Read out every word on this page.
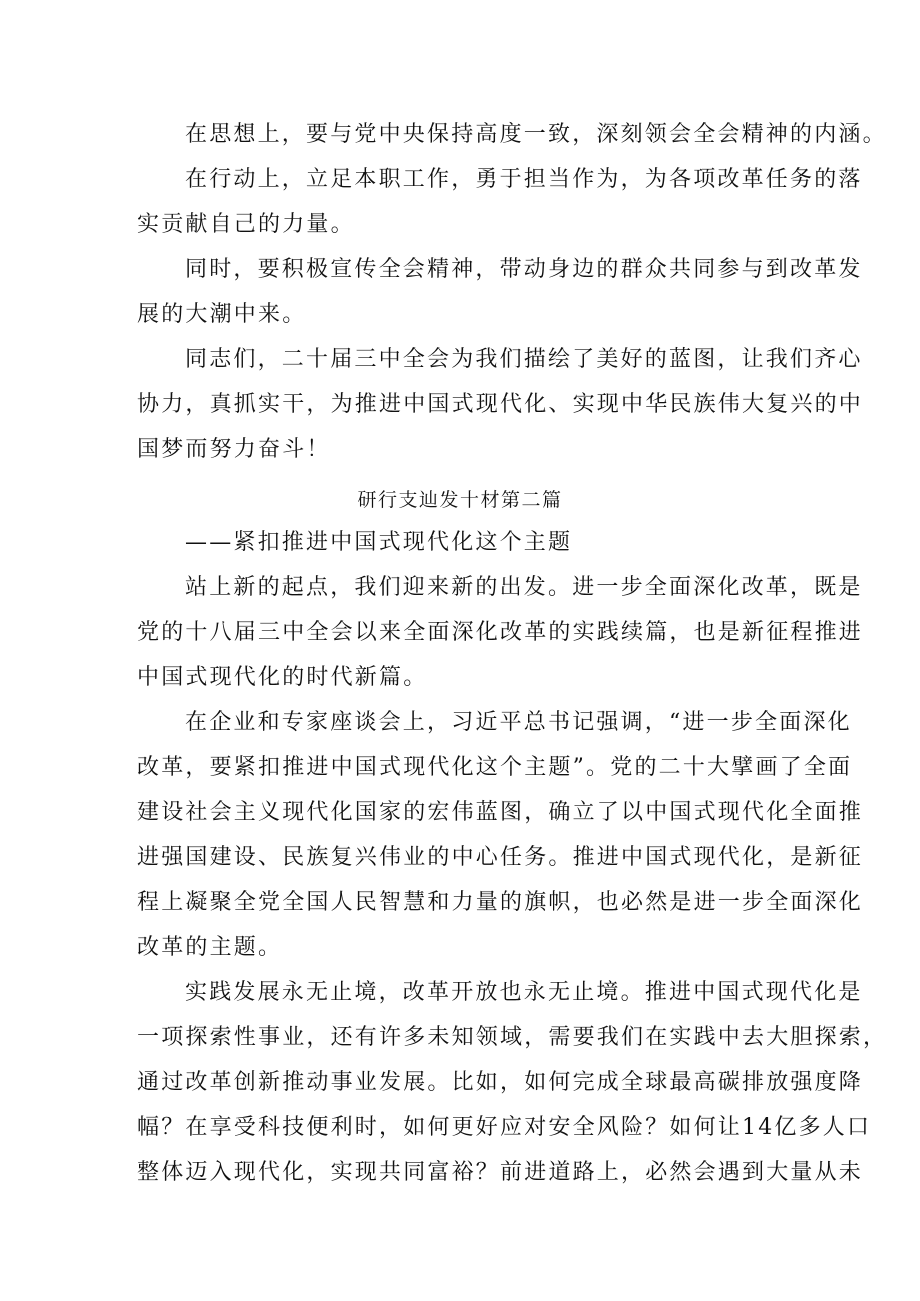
在思想上，要与党中央保持高度一致，深刻领会全会精神的内涵。
在行动上，立足本职工作，勇于担当作为，为各项改革任务的落
实贡献自己的力量。
同时，要积极宣传全会精神，带动身边的群众共同参与到改革发
展的大潮中来。
同志们，二十届三中全会为我们描绘了美好的蓝图，让我们齐心
协力，真抓实干，为推进中国式现代化、实现中华民族伟大复兴的中
国梦而努力奋斗！
研行支辿发十材第二篇
——紧扣推进中国式现代化这个主题
站上新的起点，我们迎来新的出发。进一步全面深化改革，既是
党的十八届三中全会以来全面深化改革的实践续篇，也是新征程推进
中国式现代化的时代新篇。
在企业和专家座谈会上，习近平总书记强调，“进一步全面深化
改革，要紧扣推进中国式现代化这个主题”。党的二十大擘画了全面
建设社会主义现代化国家的宏伟蓝图，确立了以中国式现代化全面推
进强国建设、民族复兴伟业的中心任务。推进中国式现代化，是新征
程上凝聚全党全国人民智慧和力量的旗帜，也必然是进一步全面深化
改革的主题。
实践发展永无止境，改革开放也永无止境。推进中国式现代化是
一项探索性事业，还有许多未知领域，需要我们在实践中去大胆探索，
通过改革创新推动事业发展。比如，如何完成全球最高碳排放强度降
幅？在享受科技便利时，如何更好应对安全风险？如何让14亿多人口
整体迈入现代化，实现共同富裕？前进道路上，必然会遇到大量从未
